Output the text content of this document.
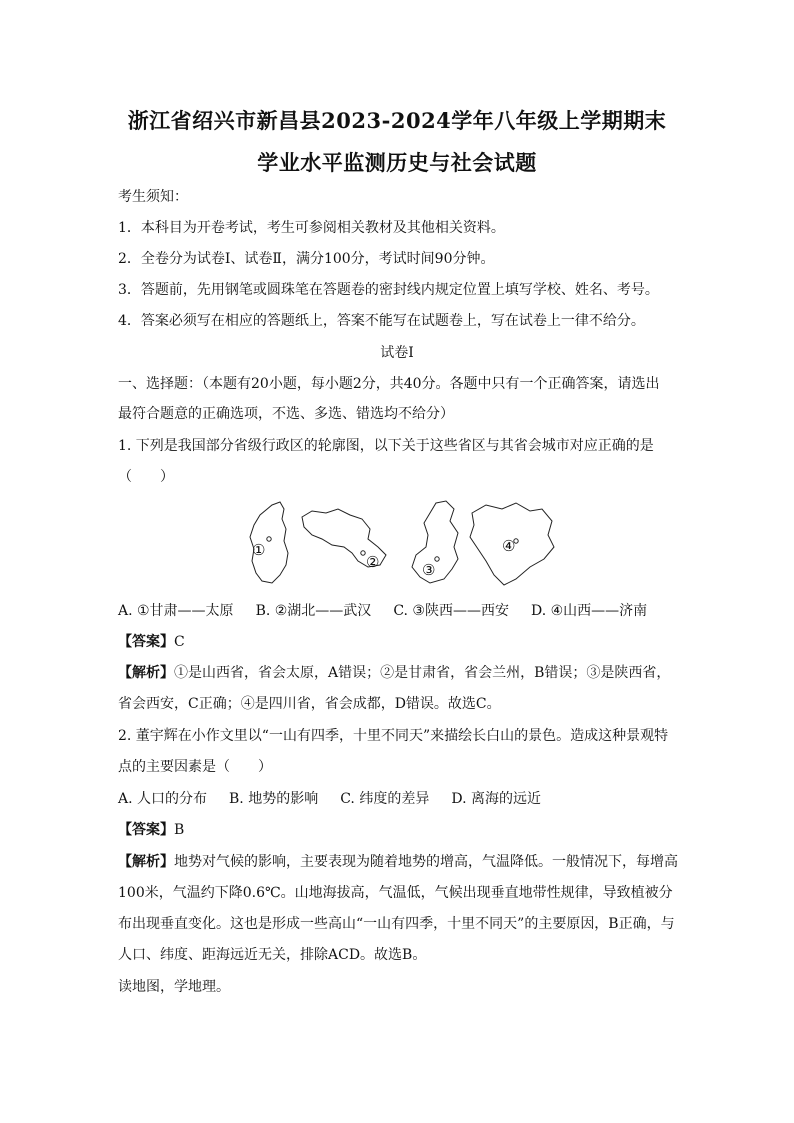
浙江省绍兴市新昌县2023-2024学年八年级上学期期末
学业水平监测历史与社会试题
考生须知：
1．本科目为开卷考试，考生可参阅相关教材及其他相关资料。
2．全卷分为试卷Ⅰ、试卷Ⅱ，满分100分，考试时间90分钟。
3．答题前，先用钢笔或圆珠笔在答题卷的密封线内规定位置上填写学校、姓名、考号。
4．答案必须写在相应的答题纸上，答案不能写在试题卷上，写在试卷上一律不给分。
试卷Ⅰ
一、选择题：（本题有20小题，每小题2分，共40分。各题中只有一个正确答案，请选出
最符合题意的正确选项，不选、多选、错选均不给分）
1. 下列是我国部分省级行政区的轮廓图，以下关于这些省区与其省会城市对应正确的是
（　　）
①
②	③
④
A. ①甘肃——太原 B. ②湖北——武汉 C. ③陕西——西安 D. ④山西——济南
【答案】C
【解析】①是山西省，省会太原，A错误；②是甘肃省，省会兰州，B错误；③是陕西省，
省会西安，C正确；④是四川省，省会成都，D错误。故选C。
2. 董宇辉在小作文里以“一山有四季，十里不同天”来描绘长白山的景色。造成这种景观特
点的主要因素是（　　）
A. 人口的分布 B. 地势的影响 C. 纬度的差异 D. 离海的远近
【答案】B
【解析】地势对气候的影响，主要表现为随着地势的增高，气温降低。一般情况下，每增高
100米，气温约下降0.6℃。山地海拔高，气温低，气候出现垂直地带性规律，导致植被分
布出现垂直变化。这也是形成一些高山“一山有四季，十里不同天”的主要原因，B正确，与
人口、纬度、距海远近无关，排除ACD。故选B。
读地图，学地理。
